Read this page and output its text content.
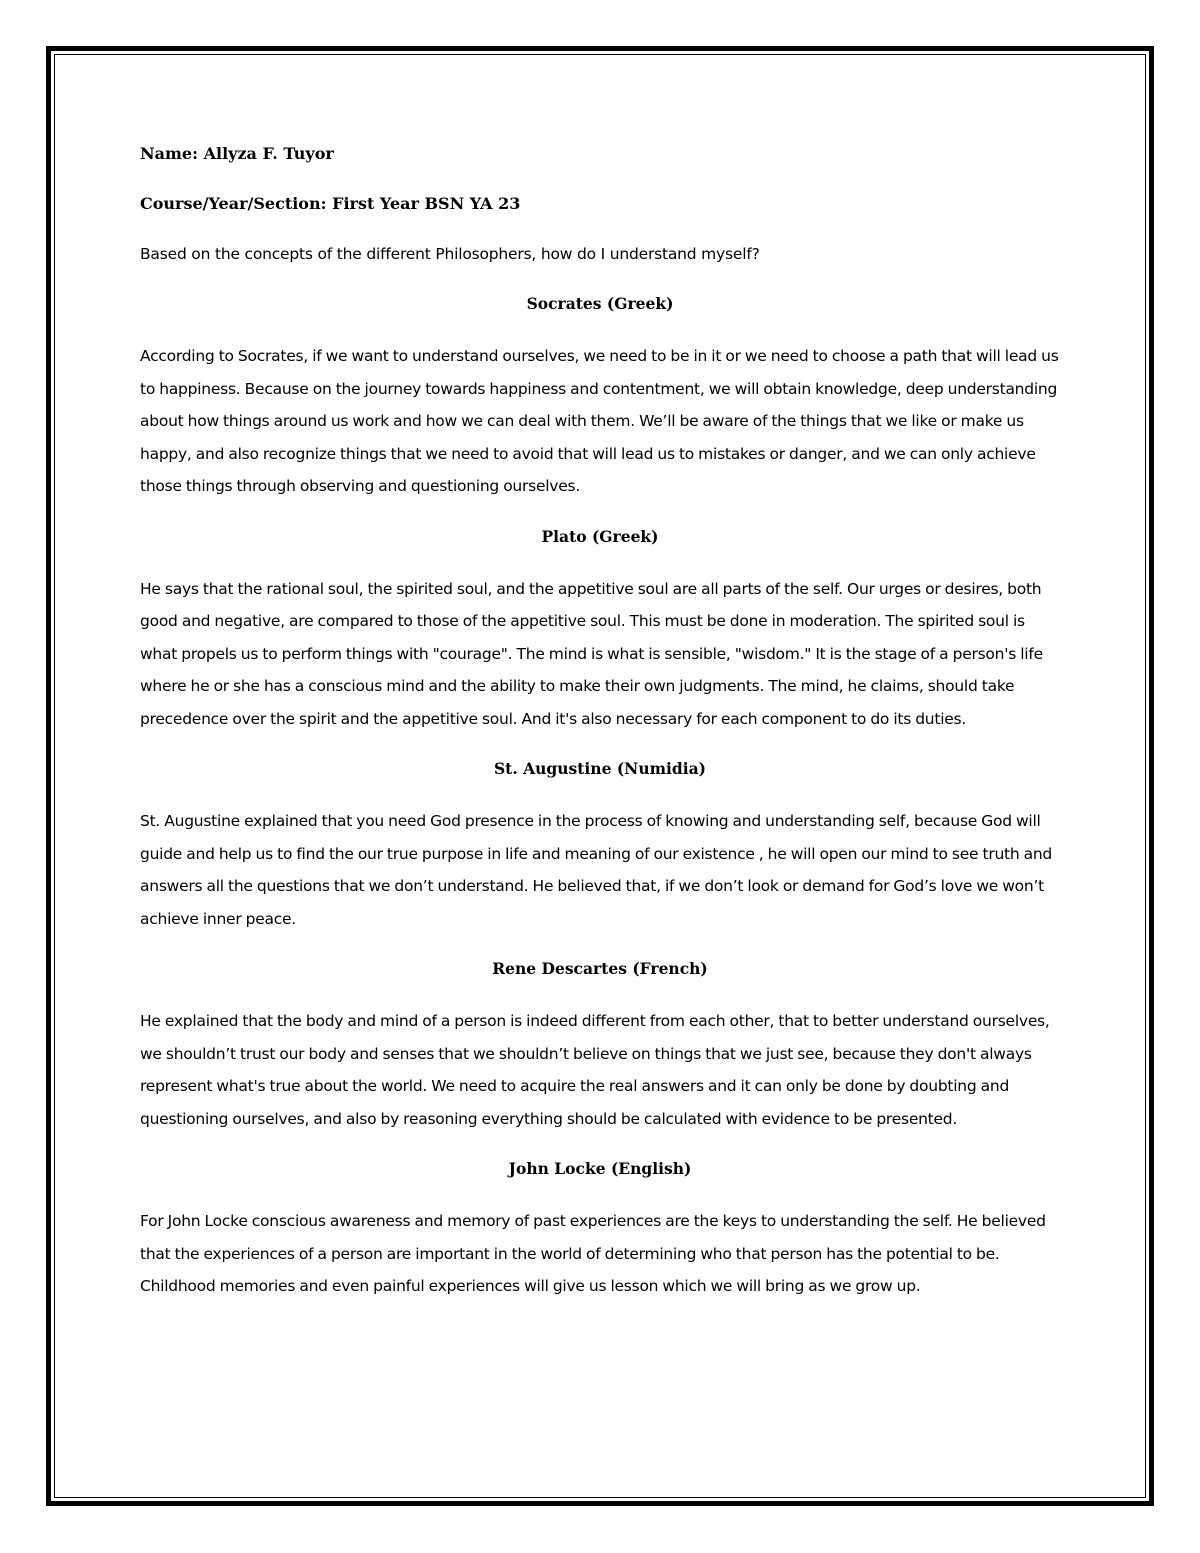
Name: Allyza F. Tuyor

Course/Year/Section: First Year BSN YA 23

Based on the concepts of the different Philosophers, how do I understand myself?

Socrates (Greek)

According to Socrates, if we want to understand ourselves, we need to be in it or we need to choose a path that will lead us to happiness. Because on the journey towards happiness and contentment, we will obtain knowledge, deep understanding about how things around us work and how we can deal with them. We’ll be aware of the things that we like or make us happy, and also recognize things that we need to avoid that will lead us to mistakes or danger, and we can only achieve those things through observing and questioning ourselves.

Plato (Greek)

He says that the rational soul, the spirited soul, and the appetitive soul are all parts of the self. Our urges or desires, both good and negative, are compared to those of the appetitive soul. This must be done in moderation. The spirited soul is what propels us to perform things with "courage". The mind is what is sensible, "wisdom." It is the stage of a person's life where he or she has a conscious mind and the ability to make their own judgments. The mind, he claims, should take precedence over the spirit and the appetitive soul. And it's also necessary for each component to do its duties.

St. Augustine (Numidia)

St. Augustine explained that you need God presence in the process of knowing and understanding self, because God will guide and help us to find the our true purpose in life and meaning of our existence , he will open our mind to see truth and answers all the questions that we don’t understand. He believed that, if we don’t look or demand for God’s love we won’t achieve inner peace.

Rene Descartes (French)

He explained that the body and mind of a person is indeed different from each other, that to better understand ourselves, we shouldn’t trust our body and senses that we shouldn’t believe on things that we just see, because they don't always represent what's true about the world. We need to acquire the real answers and it can only be done by doubting and questioning ourselves, and also by reasoning everything should be calculated with evidence to be presented.

John Locke (English)

For John Locke conscious awareness and memory of past experiences are the keys to understanding the self. He believed that the experiences of a person are important in the world of determining who that person has the potential to be. Childhood memories and even painful experiences will give us lesson which we will bring as we grow up.
